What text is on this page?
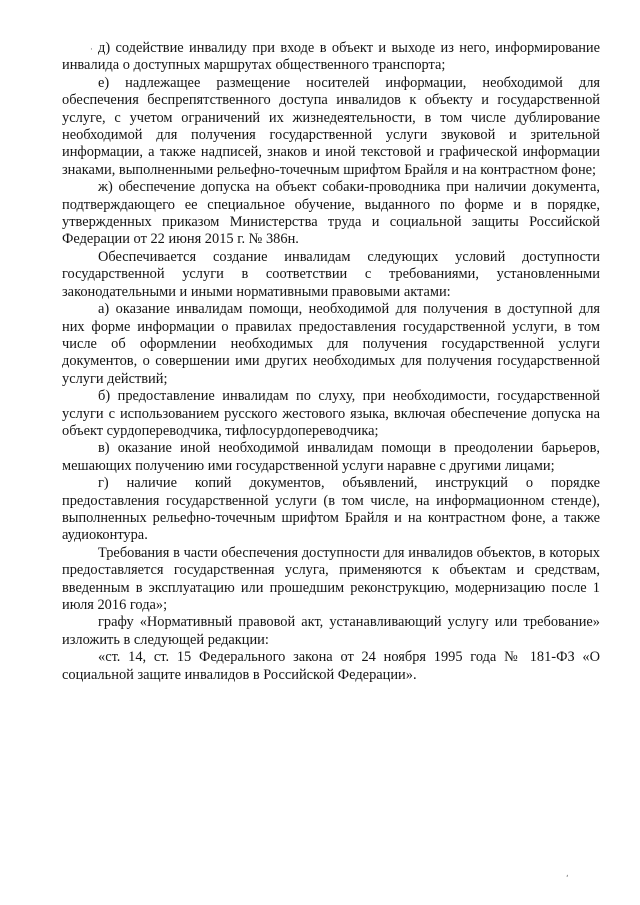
· д) содействие инвалиду при входе в объект и выходе из него, информирование инвалида о доступных маршрутах общественного транспорта;

е) надлежащее размещение носителей информации, необходимой для обеспечения беспрепятственного доступа инвалидов к объекту и государственной услуге, с учетом ограничений их жизнедеятельности, в том числе дублирование необходимой для получения государственной услуги звуковой и зрительной информации, а также надписей, знаков и иной текстовой и графической информации знаками, выполненными рельефно-точечным шрифтом Брайля и на контрастном фоне;

ж) обеспечение допуска на объект собаки-проводника при наличии документа, подтверждающего ее специальное обучение, выданного по форме и в порядке, утвержденных приказом Министерства труда и социальной защиты Российской Федерации от 22 июня 2015 г. № 386н.

Обеспечивается создание инвалидам следующих условий доступности государственной услуги в соответствии с требованиями, установленными законодательными и иными нормативными правовыми актами:

а) оказание инвалидам помощи, необходимой для получения в доступной для них форме информации о правилах предоставления государственной услуги, в том числе об оформлении необходимых для получения государственной услуги документов, о совершении ими других необходимых для получения государственной услуги действий;

б) предоставление инвалидам по слуху, при необходимости, государственной услуги с использованием русского жестового языка, включая обеспечение допуска на объект сурдопереводчика, тифлосурдопереводчика;

в) оказание иной необходимой инвалидам помощи в преодолении барьеров, мешающих получению ими государственной услуги наравне с другими лицами;

г) наличие копий документов, объявлений, инструкций о порядке предоставления государственной услуги (в том числе, на информационном стенде), выполненных рельефно-точечным шрифтом Брайля и на контрастном фоне, а также аудиоконтура.

Требования в части обеспечения доступности для инвалидов объектов, в которых предоставляется государственная услуга, применяются к объектам и средствам, введенным в эксплуатацию или прошедшим реконструкцию, модернизацию после 1 июля 2016 года»;

графу «Нормативный правовой акт, устанавливающий услугу или требование» изложить в следующей редакции:

«ст. 14, ст. 15 Федерального закона от 24 ноября 1995 года № 181-ФЗ «О социальной защите инвалидов в Российской Федерации».

ʹ
